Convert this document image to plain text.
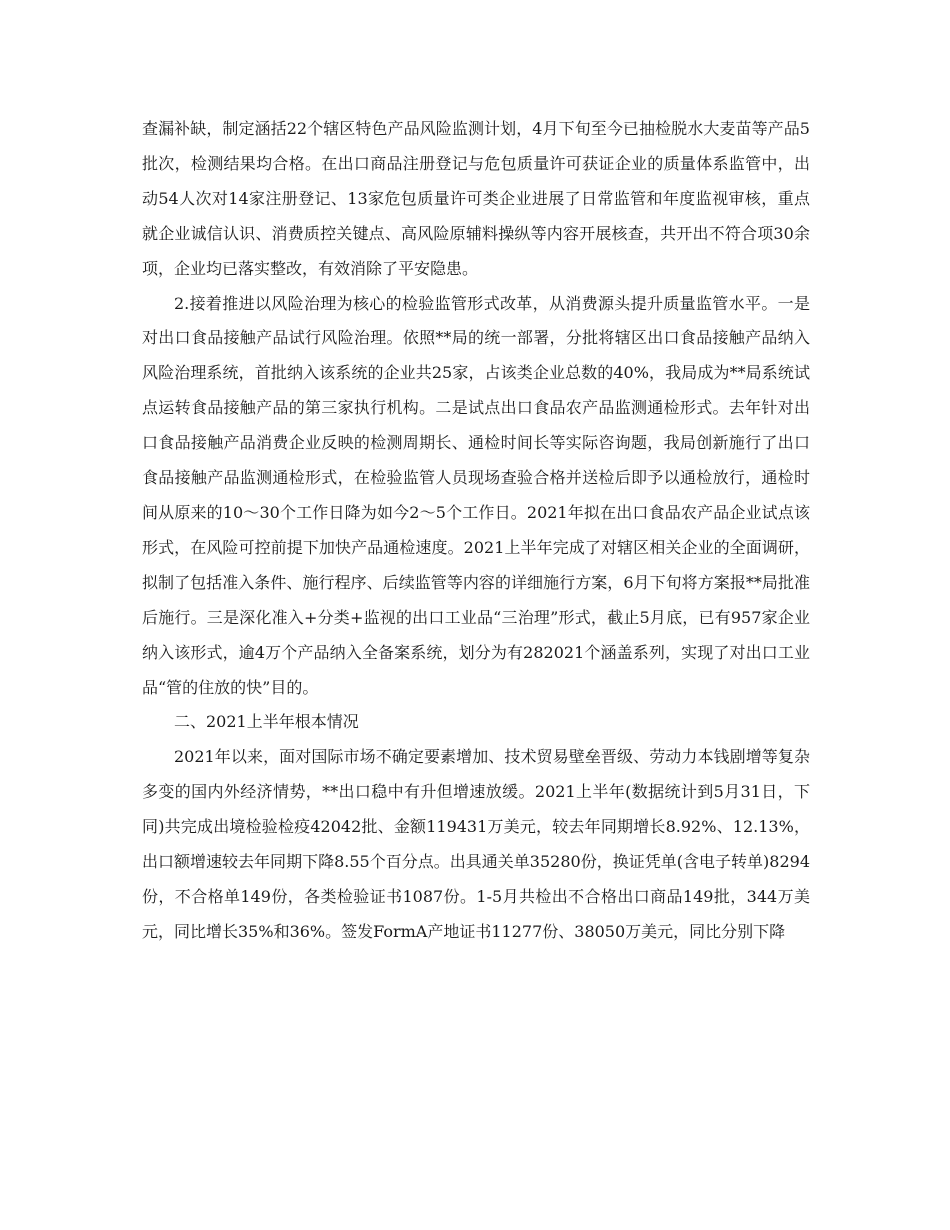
查漏补缺，制定涵括22个辖区特色产品风险监测计划，4月下旬至今已抽检脱水大麦苗等产品5批次，检测结果均合格。在出口商品注册登记与危包质量许可获证企业的质量体系监管中，出动54人次对14家注册登记、13家危包质量许可类企业进展了日常监管和年度监视审核，重点就企业诚信认识、消费质控关键点、高风险原辅料操纵等内容开展核查，共开出不符合项30余项，企业均已落实整改，有效消除了平安隐患。

2.接着推进以风险治理为核心的检验监管形式改革，从消费源头提升质量监管水平。一是对出口食品接触产品试行风险治理。依照**局的统一部署，分批将辖区出口食品接触产品纳入风险治理系统，首批纳入该系统的企业共25家，占该类企业总数的40%，我局成为**局系统试点运转食品接触产品的第三家执行机构。二是试点出口食品农产品监测通检形式。去年针对出口食品接触产品消费企业反映的检测周期长、通检时间长等实际咨询题，我局创新施行了出口食品接触产品监测通检形式，在检验监管人员现场查验合格并送检后即予以通检放行，通检时间从原来的10～30个工作日降为如今2～5个工作日。2021年拟在出口食品农产品企业试点该形式，在风险可控前提下加快产品通检速度。2021上半年完成了对辖区相关企业的全面调研，拟制了包括准入条件、施行程序、后续监管等内容的详细施行方案，6月下旬将方案报**局批准后施行。三是深化准入+分类+监视的出口工业品“三治理”形式，截止5月底，已有957家企业纳入该形式，逾4万个产品纳入全备案系统，划分为有282021个涵盖系列，实现了对出口工业品“管的住放的快”目的。

二、2021上半年根本情况

2021年以来，面对国际市场不确定要素增加、技术贸易壁垒晋级、劳动力本钱剧增等复杂多变的国内外经济情势，**出口稳中有升但增速放缓。2021上半年(数据统计到5月31日，下同)共完成出境检验检疫42042批、金额119431万美元，较去年同期增长8.92%、12.13%，出口额增速较去年同期下降8.55个百分点。出具通关单35280份，换证凭单(含电子转单)8294份，不合格单149份，各类检验证书1087份。1-5月共检出不合格出口商品149批，344万美元，同比增长35%和36%。签发FormA产地证书11277份、38050万美元，同比分别下降
